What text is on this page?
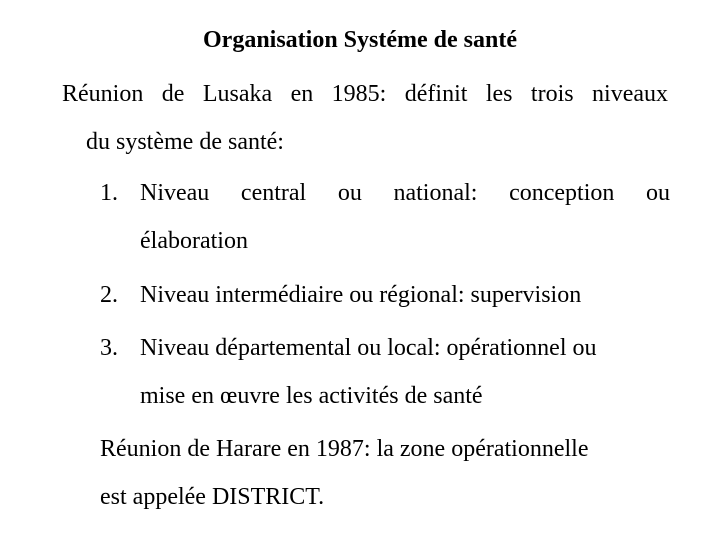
Organisation Systéme de santé
Réunion de Lusaka en 1985: définit les trois niveaux
du système de santé:
1. Niveau central ou national: conception ou
élaboration
2. Niveau intermédiaire ou régional: supervision
3. Niveau départemental ou local: opérationnel ou
mise en œuvre les activités de santé
Réunion de Harare en 1987: la zone opérationnelle
est appelée DISTRICT.
